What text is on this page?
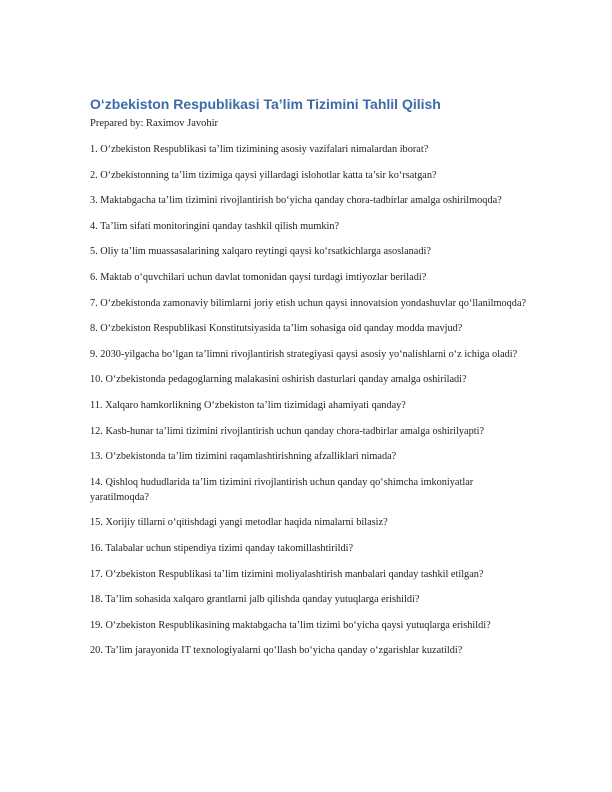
O‘zbekiston Respublikasi Ta’lim Tizimini Tahlil Qilish
Prepared by: Raximov Javohir
1. O‘zbekiston Respublikasi ta’lim tizimining asosiy vazifalari nimalardan iborat?
2. O‘zbekistonning ta’lim tizimiga qaysi yillardagi islohotlar katta ta’sir ko‘rsatgan?
3. Maktabgacha ta’lim tizimini rivojlantirish bo‘yicha qanday chora-tadbirlar amalga oshirilmoqda?
4. Ta’lim sifati monitoringini qanday tashkil qilish mumkin?
5. Oliy ta’lim muassasalarining xalqaro reytingi qaysi ko‘rsatkichlarga asoslanadi?
6. Maktab o‘quvchilari uchun davlat tomonidan qaysi turdagi imtiyozlar beriladi?
7. O‘zbekistonda zamonaviy bilimlarni joriy etish uchun qaysi innovatsion yondashuvlar qo‘llanilmoqda?
8. O‘zbekiston Respublikasi Konstitutsiyasida ta’lim sohasiga oid qanday modda mavjud?
9. 2030-yilgacha bo‘lgan ta’limni rivojlantirish strategiyasi qaysi asosiy yo‘nalishlarni o‘z ichiga oladi?
10. O‘zbekistonda pedagoglarning malakasini oshirish dasturlari qanday amalga oshiriladi?
11. Xalqaro hamkorlikning O‘zbekiston ta’lim tizimidagi ahamiyati qanday?
12. Kasb-hunar ta’limi tizimini rivojlantirish uchun qanday chora-tadbirlar amalga oshirilyapti?
13. O‘zbekistonda ta’lim tizimini raqamlashtirishning afzalliklari nimada?
14. Qishloq hududlarida ta’lim tizimini rivojlantirish uchun qanday qo‘shimcha imkoniyatlar yaratilmoqda?
15. Xorijiy tillarni o‘qitishdagi yangi metodlar haqida nimalarni bilasiz?
16. Talabalar uchun stipendiya tizimi qanday takomillashtirildi?
17. O‘zbekiston Respublikasi ta’lim tizimini moliyalashtirish manbalari qanday tashkil etilgan?
18. Ta’lim sohasida xalqaro grantlarni jalb qilishda qanday yutuqlarga erishildi?
19. O‘zbekiston Respublikasining maktabgacha ta’lim tizimi bo‘yicha qaysi yutuqlarga erishildi?
20. Ta’lim jarayonida IT texnologiyalarni qo‘llash bo‘yicha qanday o‘zgarishlar kuzatildi?
